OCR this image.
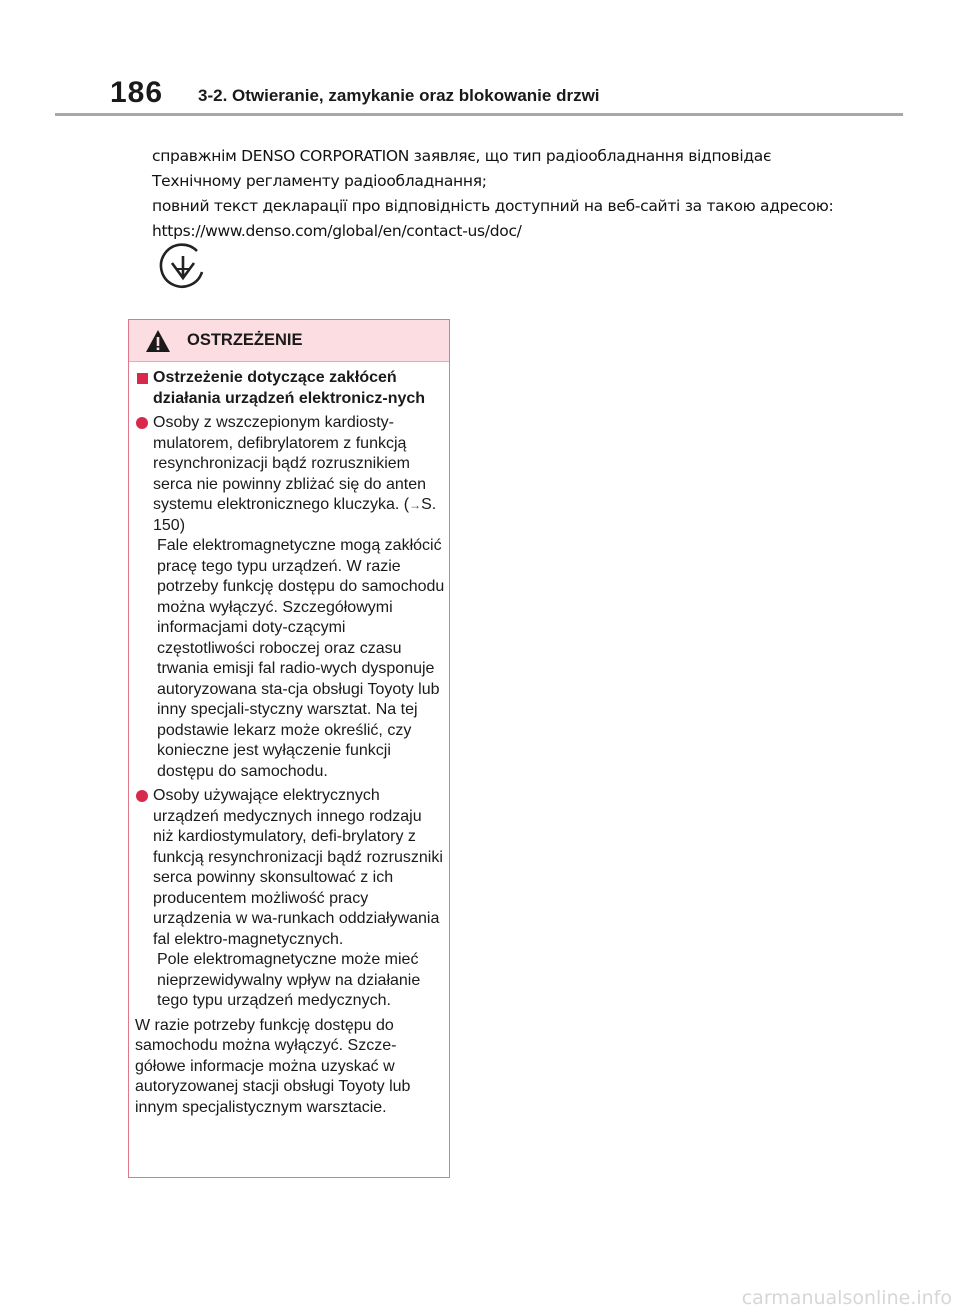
186 3-2. Otwieranie, zamykanie oraz blokowanie drzwi
справжнім DENSO CORPORATION заявляє, що тип радіообладнання відповідає
Технічному регламенту радіообладнання;
повний текст декларації про відповідність доступний на веб-сайті за такою адресою:
https://www.denso.com/global/en/contact-us/doc/
OSTRZEŻENIE
Ostrzeżenie dotyczące zakłóceń działania urządzeń elektronicz-nych
Osoby z wszczepionym kardiosty-mulatorem, defibrylatorem z funkcją resynchronizacji bądź rozrusznikiem serca nie powinny zbliżać się do anten systemu elektronicznego kluczyka. (→S. 150)
Fale elektromagnetyczne mogą zakłócić pracę tego typu urządzeń. W razie potrzeby funkcję dostępu do samochodu można wyłączyć. Szczegółowymi informacjami doty-czącymi częstotliwości roboczej oraz czasu trwania emisji fal radio-wych dysponuje autoryzowana sta-cja obsługi Toyoty lub inny specjali-styczny warsztat. Na tej podstawie lekarz może określić, czy konieczne jest wyłączenie funkcji dostępu do samochodu.
Osoby używające elektrycznych urządzeń medycznych innego rodzaju niż kardiostymulatory, defi-brylatory z funkcją resynchronizacji bądź rozruszniki serca powinny skonsultować z ich producentem możliwość pracy urządzenia w wa-runkach oddziaływania fal elektro-magnetycznych.
Pole elektromagnetyczne może mieć nieprzewidywalny wpływ na działanie tego typu urządzeń medycznych.
W razie potrzeby funkcję dostępu do samochodu można wyłączyć. Szcze-gółowe informacje można uzyskać w autoryzowanej stacji obsługi Toyoty lub innym specjalistycznym warsztacie.
carmanualsonline.info
